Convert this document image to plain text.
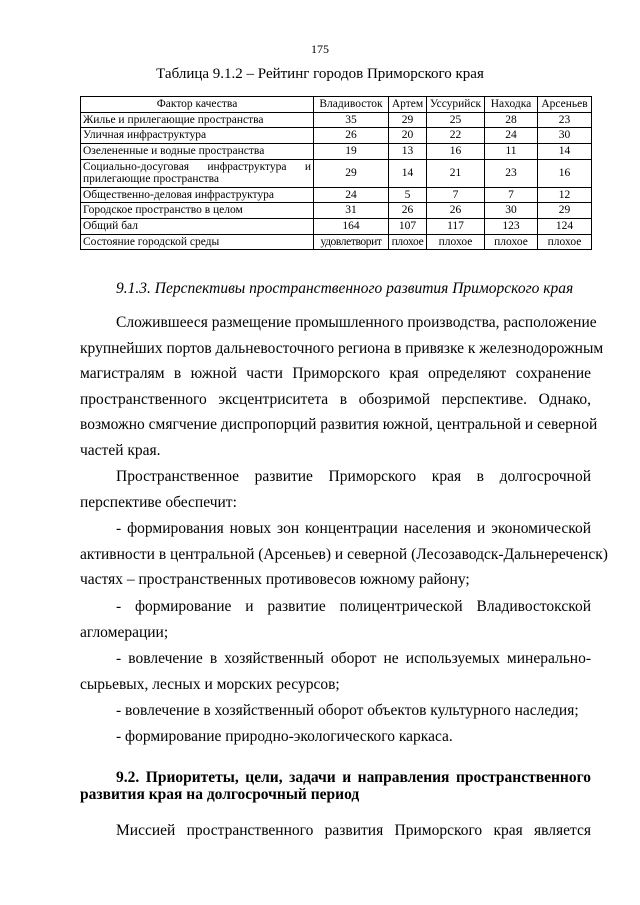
175
Таблица 9.1.2 – Рейтинг городов Приморского края
Фактор качества	Владивосток	Артем	Уссурийск	Находка	Арсеньев
Жилье и прилегающие пространства	35	29	25	28	23
Уличная инфраструктура	26	20	22	24	30
Озелененные и водные пространства	19	13	16	11	14
Социально-досуговая инфраструктура и прилегающие пространства	29	14	21	23	16
Общественно-деловая инфраструктура	24	5	7	7	12
Городское пространство в целом	31	26	26	30	29
Общий бал	164	107	117	123	124
Состояние городской среды	удовлетворит	плохое	плохое	плохое	плохое
9.1.3. Перспективы пространственного развития Приморского края
Сложившееся размещение промышленного производства, расположение
крупнейших портов дальневосточного региона в привязке к железнодорожным
магистралям в южной части Приморского края определяют сохранение
пространственного эксцентриситета в обозримой перспективе. Однако,
возможно смягчение диспропорций развития южной, центральной и северной
частей края.
Пространственное развитие Приморского края в долгосрочной
перспективе обеспечит:
- формирования новых зон концентрации населения и экономической
активности в центральной (Арсеньев) и северной (Лесозаводск-Дальнереченск)
частях – пространственных противовесов южному району;
- формирование и развитие полицентрической Владивостокской
агломерации;
- вовлечение в хозяйственный оборот не используемых минерально-
сырьевых, лесных и морских ресурсов;
- вовлечение в хозяйственный оборот объектов культурного наследия;
- формирование природно-экологического каркаса.
9.2. Приоритеты, цели, задачи и направления пространственного
развития края на долгосрочный период
Миссией пространственного развития Приморского края является
